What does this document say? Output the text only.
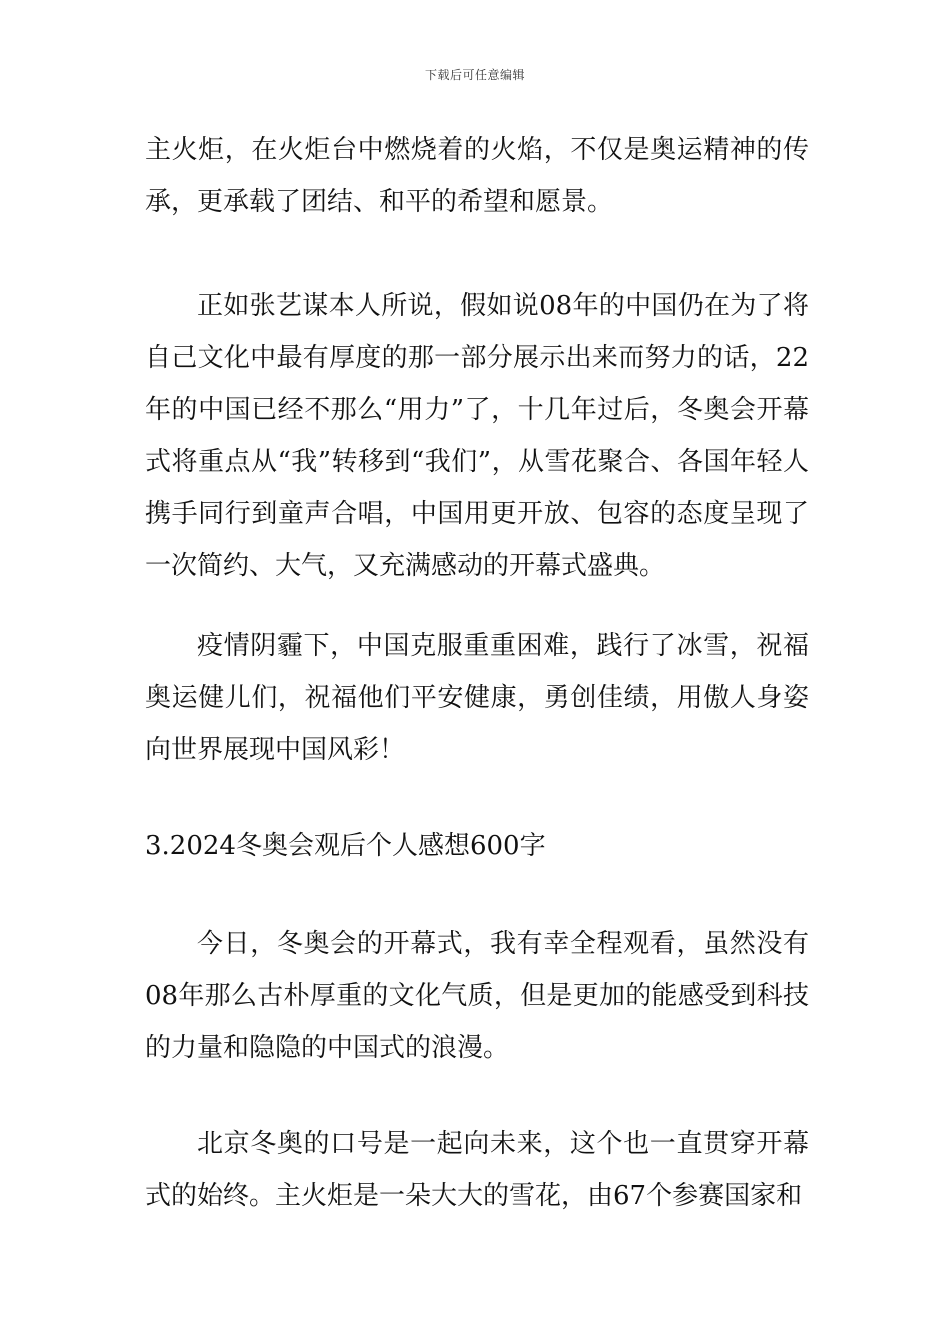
下载后可任意编辑

主火炬，在火炬台中燃烧着的火焰，不仅是奥运精神的传承，更承载了团结、和平的希望和愿景。

正如张艺谋本人所说，假如说08年的中国仍在为了将自己文化中最有厚度的那一部分展示出来而努力的话，22年的中国已经不那么“用力”了，十几年过后，冬奥会开幕式将重点从“我”转移到“我们”，从雪花聚合、各国年轻人携手同行到童声合唱，中国用更开放、包容的态度呈现了一次简约、大气，又充满感动的开幕式盛典。

疫情阴霾下，中国克服重重困难，践行了冰雪，祝福奥运健儿们，祝福他们平安健康，勇创佳绩，用傲人身姿向世界展现中国风彩！

3.2024冬奥会观后个人感想600字

今日，冬奥会的开幕式，我有幸全程观看，虽然没有08年那么古朴厚重的文化气质，但是更加的能感受到科技的力量和隐隐的中国式的浪漫。

北京冬奥的口号是一起向未来，这个也一直贯穿开幕式的始终。主火炬是一朵大大的雪花，由67个参赛国家和
